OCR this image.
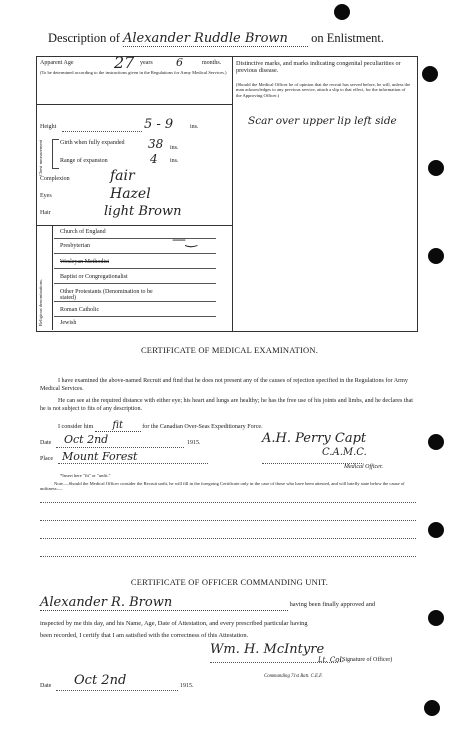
Description of Alexander Ruddle Brown on Enlistment.
Apparent Age	27 years 6	months.
(To be determined according to the instructions given in the Regulations for Army Medical Services.)
Height	5 - 9	ins.
Chest measurement	Girth when fully expanded 38 ins.
Range of expansion	4 ins.
Complexion	fair
Eyes	Hazel
Hair	light Brown
Religious denominations.
Church of England
Presbyterian
Wesleyan Methodist
Baptist or Congregationalist
Other Protestants (Denomination to be stated)
Roman Catholic
Jewish
—‿
Distinctive marks, and marks indicating congenital peculiarities or previous disease.
(Should the Medical Officer be of opinion that the recruit has served before, he will, unless the man acknowledges to any previous service, attach a slip to that effect, for the information of the Approving Officer.)
Scar over upper lip left side
CERTIFICATE OF MEDICAL EXAMINATION.
I have examined the above-named Recruit and find that he does not present any of the causes of rejection specified in the Regulations for Army Medical Services.
He can see at the required distance with either eye; his heart and lungs are healthy; he has the free use of his joints and limbs, and he declares that he is not subject to fits of any description.
I consider him fit	for the Canadian Over-Seas Expeditionary Force.
Date Oct 2nd	1915.	A.H. Perry Capt
C.A.M.C.
Place Mount Forest
Medical Officer.
*Insert here "fit" or "unfit."
Note.—Should the Medical Officer consider the Recruit unfit, he will fill in the foregoing Certificate only in the case of those who have been attested, and will briefly state below the cause of unfitness:—
CERTIFICATE OF OFFICER COMMANDING UNIT.
Alexander R. Brown	having been finally approved and
inspected by me this day, and his Name, Age, Date of Attestation, and every prescribed particular having
been recorded, I certify that I am satisfied with the correctness of this Attestation.
Wm. H. McIntyre
Lt. Col.
(Signature of Officer)
Commanding 71st Batt. C.E.F.
Date Oct 2nd	1915.
